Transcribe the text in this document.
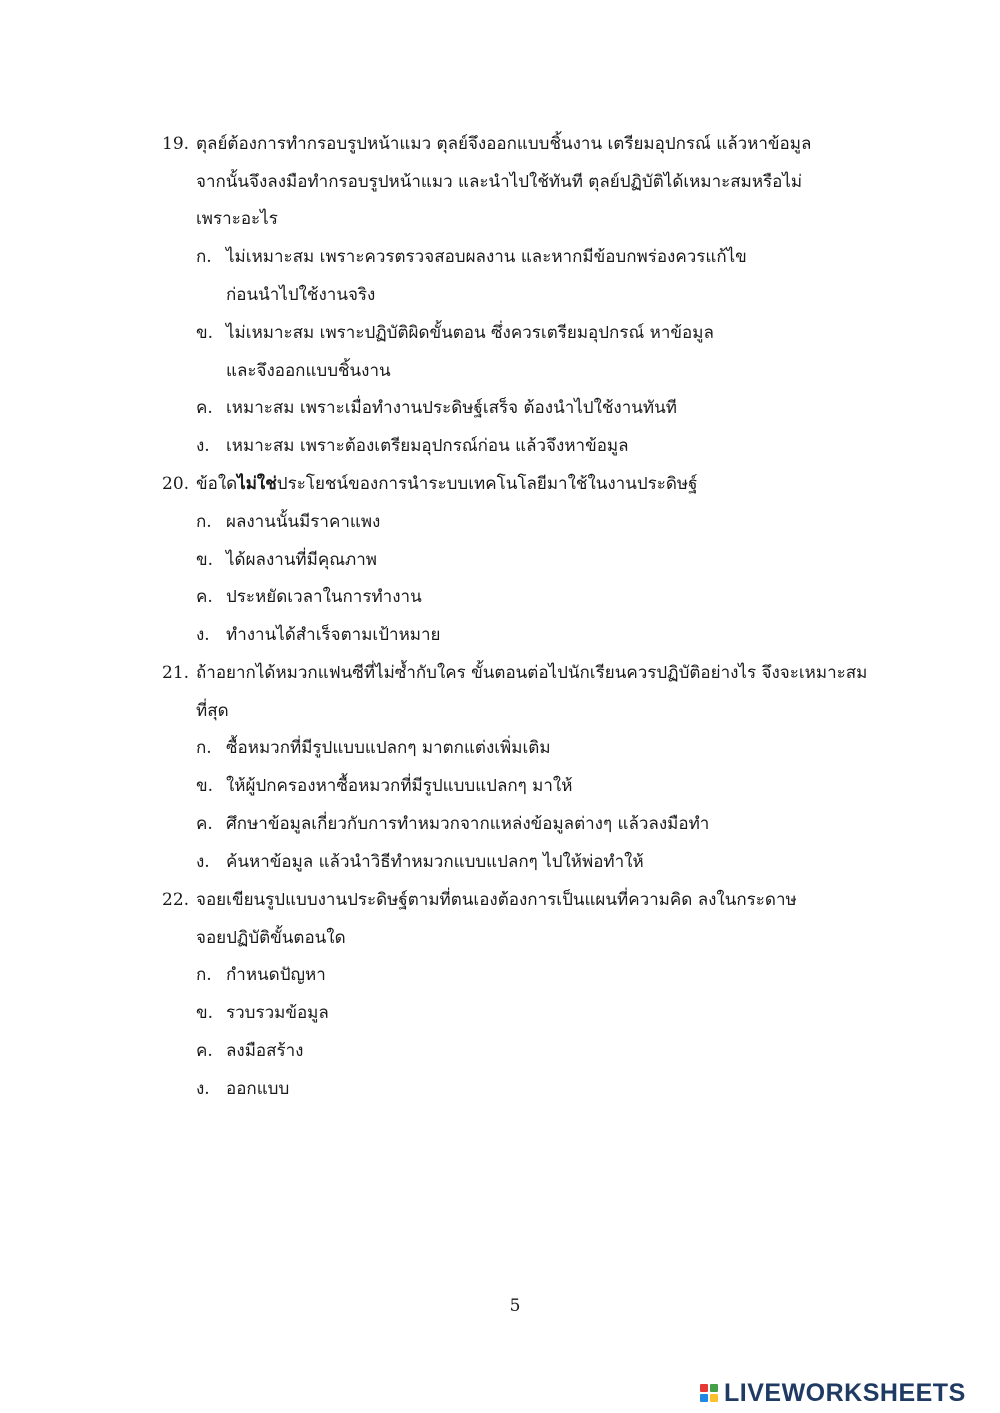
19. ตุลย์ต้องการทำกรอบรูปหน้าแมว ตุลย์จึงออกแบบชิ้นงาน เตรียมอุปกรณ์ แล้วหาข้อมูล
จากนั้นจึงลงมือทำกรอบรูปหน้าแมว และนำไปใช้ทันที ตุลย์ปฏิบัติได้เหมาะสมหรือไม่
เพราะอะไร
ก. ไม่เหมาะสม เพราะควรตรวจสอบผลงาน และหากมีข้อบกพร่องควรแก้ไข
ก่อนนำไปใช้งานจริง
ข. ไม่เหมาะสม เพราะปฏิบัติผิดขั้นตอน ซึ่งควรเตรียมอุปกรณ์ หาข้อมูล
และจึงออกแบบชิ้นงาน
ค. เหมาะสม เพราะเมื่อทำงานประดิษฐ์เสร็จ ต้องนำไปใช้งานทันที
ง. เหมาะสม เพราะต้องเตรียมอุปกรณ์ก่อน แล้วจึงหาข้อมูล
20. ข้อใดไม่ใช่ประโยชน์ของการนำระบบเทคโนโลยีมาใช้ในงานประดิษฐ์
ก. ผลงานนั้นมีราคาแพง
ข. ได้ผลงานที่มีคุณภาพ
ค. ประหยัดเวลาในการทำงาน
ง. ทำงานได้สำเร็จตามเป้าหมาย
21. ถ้าอยากได้หมวกแฟนซีที่ไม่ซ้ำกับใคร ขั้นตอนต่อไปนักเรียนควรปฏิบัติอย่างไร จึงจะเหมาะสม
ที่สุด
ก. ซื้อหมวกที่มีรูปแบบแปลกๆ มาตกแต่งเพิ่มเติม
ข. ให้ผู้ปกครองหาซื้อหมวกที่มีรูปแบบแปลกๆ มาให้
ค. ศึกษาข้อมูลเกี่ยวกับการทำหมวกจากแหล่งข้อมูลต่างๆ แล้วลงมือทำ
ง. ค้นหาข้อมูล แล้วนำวิธีทำหมวกแบบแปลกๆ ไปให้พ่อทำให้
22. จอยเขียนรูปแบบงานประดิษฐ์ตามที่ตนเองต้องการเป็นแผนที่ความคิด ลงในกระดาษ
จอยปฏิบัติขั้นตอนใด
ก. กำหนดปัญหา
ข. รวบรวมข้อมูล
ค. ลงมือสร้าง
ง. ออกแบบ
5
LIVEWORKSHEETS
